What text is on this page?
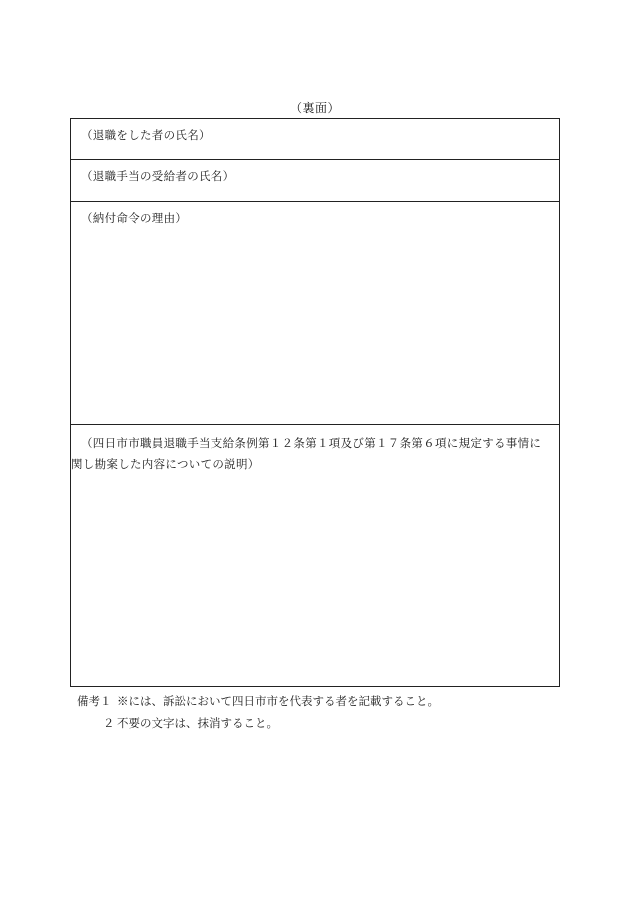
（裏面）
（退職をした者の氏名）
（退職手当の受給者の氏名）
（納付命令の理由）
（四日市市職員退職手当支給条例第１２条第１項及び第１７条第６項に規定する事情に関し勘案した内容についての説明）
備考１ ※には、訴訟において四日市市を代表する者を記載すること。
２ 不要の文字は、抹消すること。
